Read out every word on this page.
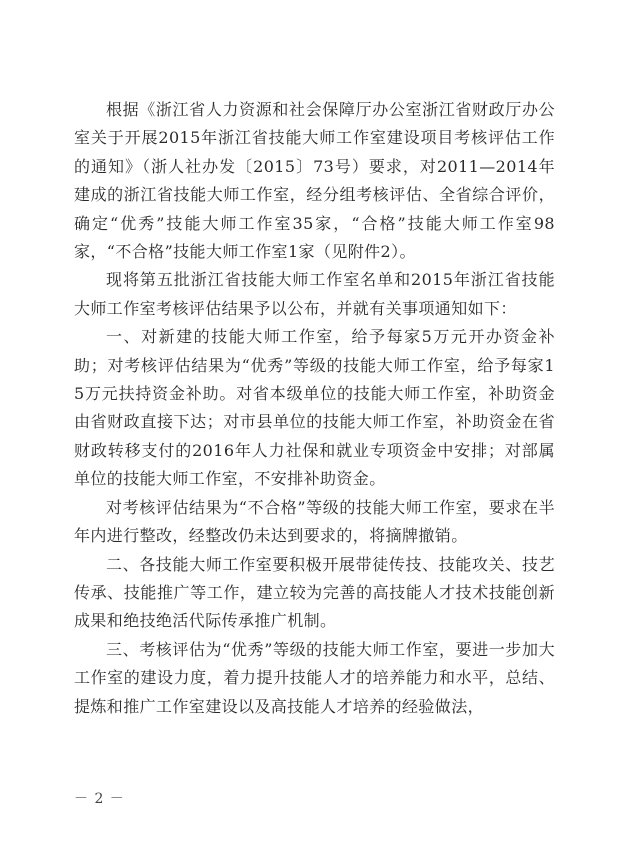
根据《浙江省人力资源和社会保障厅办公室浙江省财政厅办公室关于开展2015年浙江省技能大师工作室建设项目考核评估工作的通知》（浙人社办发〔2015〕73号）要求，对2011—2014年建成的浙江省技能大师工作室，经分组考核评估、全省综合评价，确定“优秀”技能大师工作室35家，“合格”技能大师工作室98家，“不合格”技能大师工作室1家（见附件2）。

现将第五批浙江省技能大师工作室名单和2015年浙江省技能大师工作室考核评估结果予以公布，并就有关事项通知如下：

一、对新建的技能大师工作室，给予每家5万元开办资金补助；对考核评估结果为“优秀”等级的技能大师工作室，给予每家15万元扶持资金补助。对省本级单位的技能大师工作室，补助资金由省财政直接下达；对市县单位的技能大师工作室，补助资金在省财政转移支付的2016年人力社保和就业专项资金中安排；对部属单位的技能大师工作室，不安排补助资金。

对考核评估结果为“不合格”等级的技能大师工作室，要求在半年内进行整改，经整改仍未达到要求的，将摘牌撤销。

二、各技能大师工作室要积极开展带徒传技、技能攻关、技艺传承、技能推广等工作，建立较为完善的高技能人才技术技能创新成果和绝技绝活代际传承推广机制。

三、考核评估为“优秀”等级的技能大师工作室，要进一步加大工作室的建设力度，着力提升技能人才的培养能力和水平，总结、提炼和推广工作室建设以及高技能人才培养的经验做法，

－ 2 －
